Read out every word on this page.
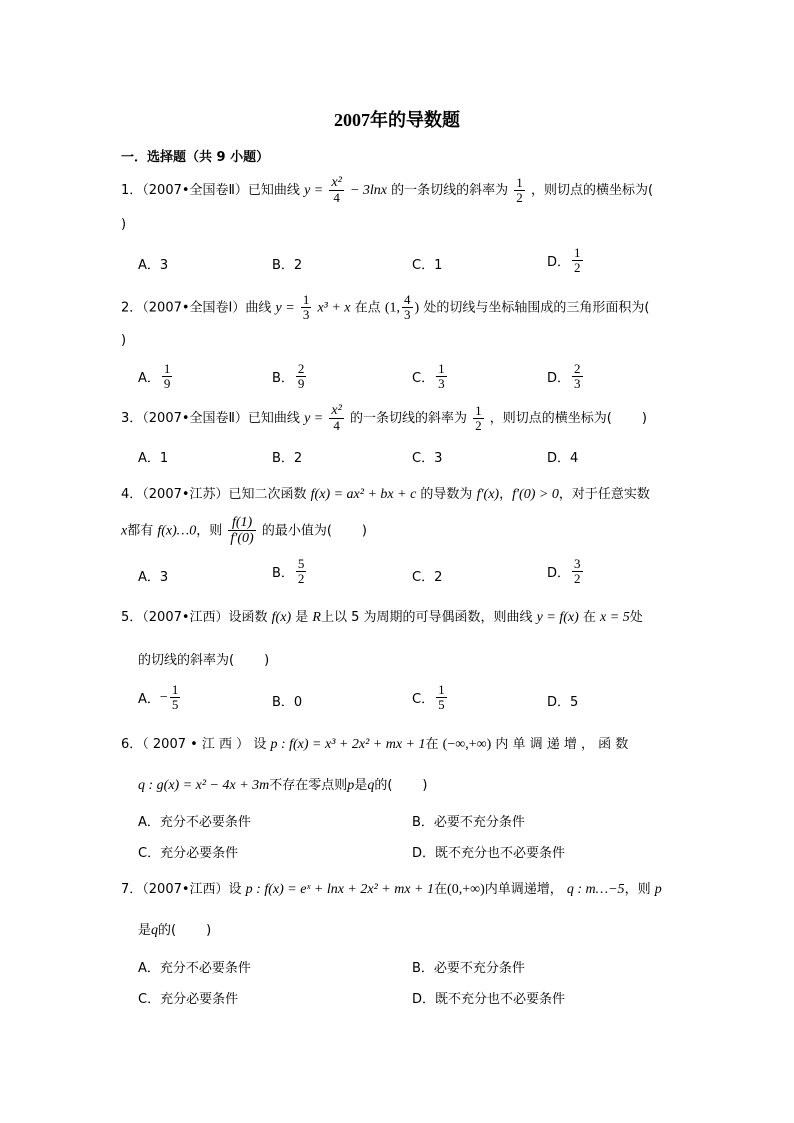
2007年的导数题
一．选择题（共 9 小题）
1．（2007•全国卷Ⅱ）已知曲线 $y = \frac{\text{x²}}{4} - 3\ln x$ 的一条切线的斜率为 $\frac{1}{2}$ ，则切点的横坐标为(
)
A．3	B．2	C．1	D． $\frac{1}{2}$
2．（2007•全国卷Ⅰ）曲线 $y = \frac{1}{3} x^3 + x$ 在点 (1, $\frac{4}{3}$ ) 处的切线与坐标轴围成的三角形面积为(
)
A． $\frac{1}{9}$	B． $\frac{2}{9}$	C． $\frac{1}{3}$	D． $\frac{2}{3}$
3．（2007•全国卷Ⅱ）已知曲线 $y = \frac{\text{x²}}{4}$ 的一条切线的斜率为 $\frac{1}{2}$ ，则切点的横坐标为( )
A．1	B．2	C．3	D．4
4．（2007•江苏）已知二次函数 f(x) = ax² + bx + c 的导数为 f′(x)，f′(0) > 0，对于任意实数
x都有 f(x)…0，则 $\frac{f(1)}{f'(0)}$ 的最小值为( )
A．3	B． $\frac{5}{2}$	C．2	D． $\frac{3}{2}$
5．（2007•江西）设函数 f(x) 是 R上以 5 为周期的可导偶函数，则曲线 y = f(x) 在 x = 5处
的切线的斜率为( )
A．− $\frac{1}{5}$	B．0	C． $\frac{1}{5}$	D．5
6．（ 2007 • 江 西 ） 设 p : f(x) = x³ + 2x² + mx + 1在 (−∞,+∞) 内 单 调 递 增 ， 函 数
q : g(x) = x² − 4x + 3m不存在零点则p是q的( )
A．充分不必要条件	B．必要不充分条件
C．充分必要条件	D．既不充分也不必要条件
7．（2007•江西）设 p : f(x) = eˣ + lnx + 2x² + mx + 1在(0,+∞)内单调递增， q : m…−5，则 p
是q的( )
A．充分不必要条件	B．必要不充分条件
C．充分必要条件	D．既不充分也不必要条件
